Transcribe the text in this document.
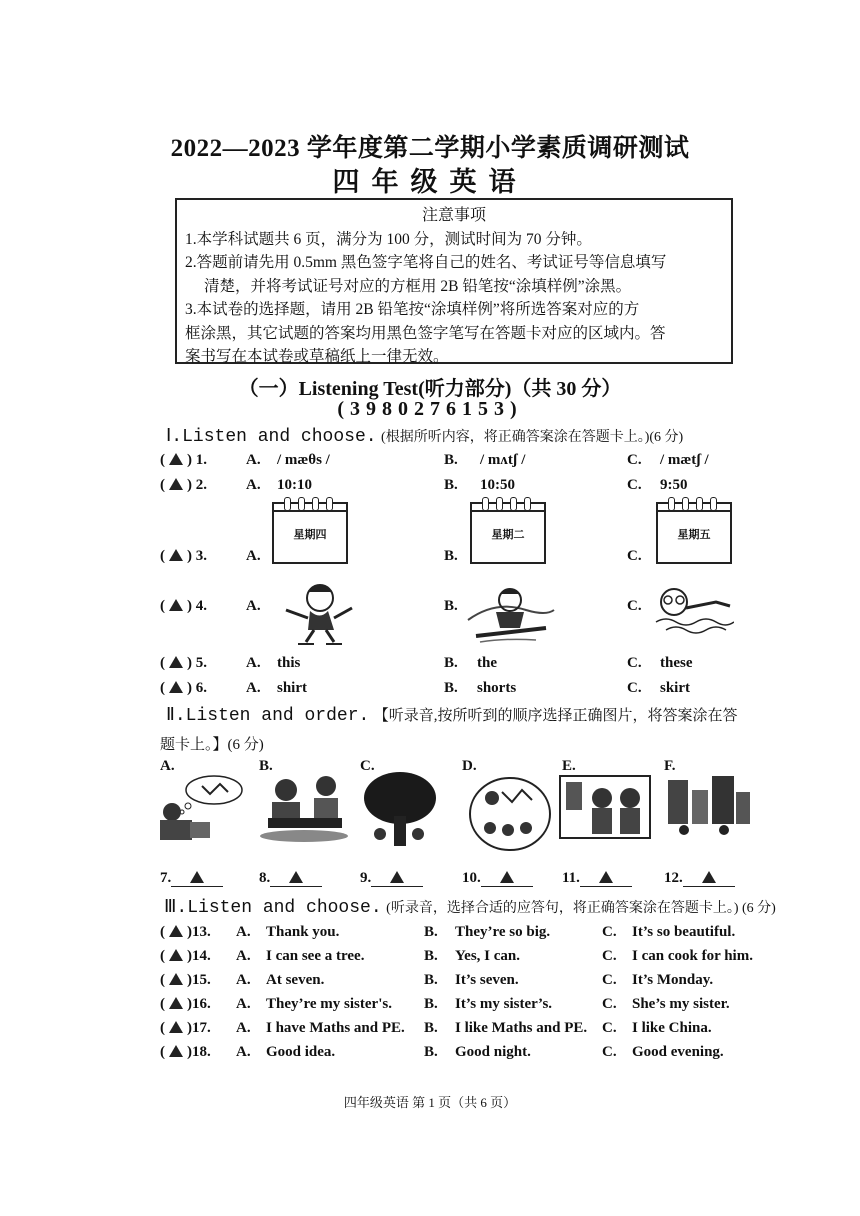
2022—2023 学年度第二学期小学素质调研测试
四年级英语
注意事项
1.本学科试题共 6 页，满分为 100 分，测试时间为 70 分钟。
2.答题前请先用 0.5mm 黑色签字笔将自己的姓名、考试证号等信息填写
清楚，并将考试证号对应的方框用 2B 铅笔按“涂填样例”涂黑。
3.本试卷的选择题，请用 2B 铅笔按“涂填样例”将所选答案对应的方
框涂黑，其它试题的答案均用黑色签字笔写在答题卡对应的区域内。答
案书写在本试卷或草稿纸上一律无效。
（一）Listening Test(听力部分)（共 30 分）
(3980276153)
Ⅰ.Listen and choose. (根据所听内容，将正确答案涂在答题卡上。)(6 分)
( ) 1.	A. / mæθs /	B. / mʌtʃ /	C. / mætʃ /
( ) 2.	A. 10:10	B. 10:50	C. 9:50
( ) 3.	A.
星期四
B.
星期二
C.
星期五
( ) 4.	A.	B.	C.
( ) 5.	A. this	B. the	C. these
( ) 6.	A. shirt	B. shorts	C. skirt
Ⅱ.Listen and order. 【听录音,按所听到的顺序选择正确图片，将答案涂在答
题卡上。】(6 分)
A.	B.	C.	D.	E.	F.
7.	8.	9.	10.	11.	12.
Ⅲ.Listen and choose. (听录音，选择合适的应答句，将正确答案涂在答题卡上。) (6 分)
( )13. A. Thank you.	B. They’re so big.	C. It’s so beautiful.
( )14. A. I can see a tree.	B. Yes, I can.	C. I can cook for him.
( )15. A. At seven.	B. It’s seven.	C. It’s Monday.
( )16. A. They’re my sister's. B. It’s my sister’s.	C. She’s my sister.
( )17. A. I have Maths and PE. B. I like Maths and PE. C. I like China.
( )18. A. Good idea.	B. Good night.	C. Good evening.
四年级英语 第 1 页（共 6 页）
